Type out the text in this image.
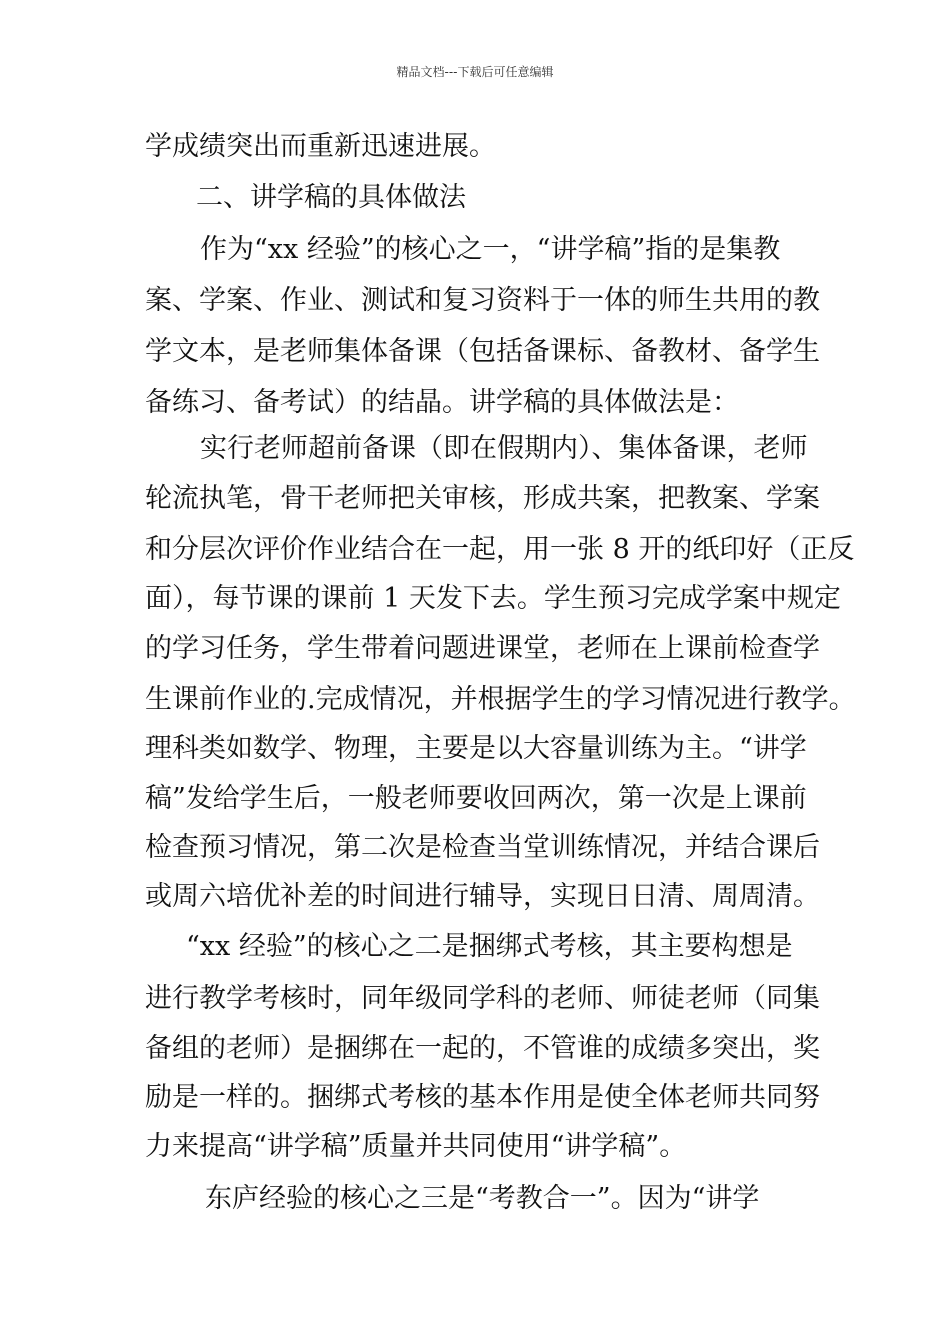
精品文档---下载后可任意编辑
学成绩突出而重新迅速进展。
二、讲学稿的具体做法
作为“xx 经验”的核心之一，“讲学稿”指的是集教
案、学案、作业、测试和复习资料于一体的师生共用的教
学文本，是老师集体备课（包括备课标、备教材、备学生
备练习、备考试）的结晶。讲学稿的具体做法是：
实行老师超前备课（即在假期内）、集体备课，老师
轮流执笔，骨干老师把关审核，形成共案，把教案、学案
和分层次评价作业结合在一起，用一张 8 开的纸印好（正反
面），每节课的课前 1 天发下去。学生预习完成学案中规定
的学习任务，学生带着问题进课堂，老师在上课前检查学
生课前作业的.完成情况，并根据学生的学习情况进行教学。
理科类如数学、物理，主要是以大容量训练为主。“讲学
稿”发给学生后，一般老师要收回两次，第一次是上课前
检查预习情况，第二次是检查当堂训练情况，并结合课后
或周六培优补差的时间进行辅导，实现日日清、周周清。
“xx 经验”的核心之二是捆绑式考核，其主要构想是
进行教学考核时，同年级同学科的老师、师徒老师（同集
备组的老师）是捆绑在一起的，不管谁的成绩多突出，奖
励是一样的。捆绑式考核的基本作用是使全体老师共同努
力来提高“讲学稿”质量并共同使用“讲学稿”。
东庐经验的核心之三是“考教合一”。因为“讲学
